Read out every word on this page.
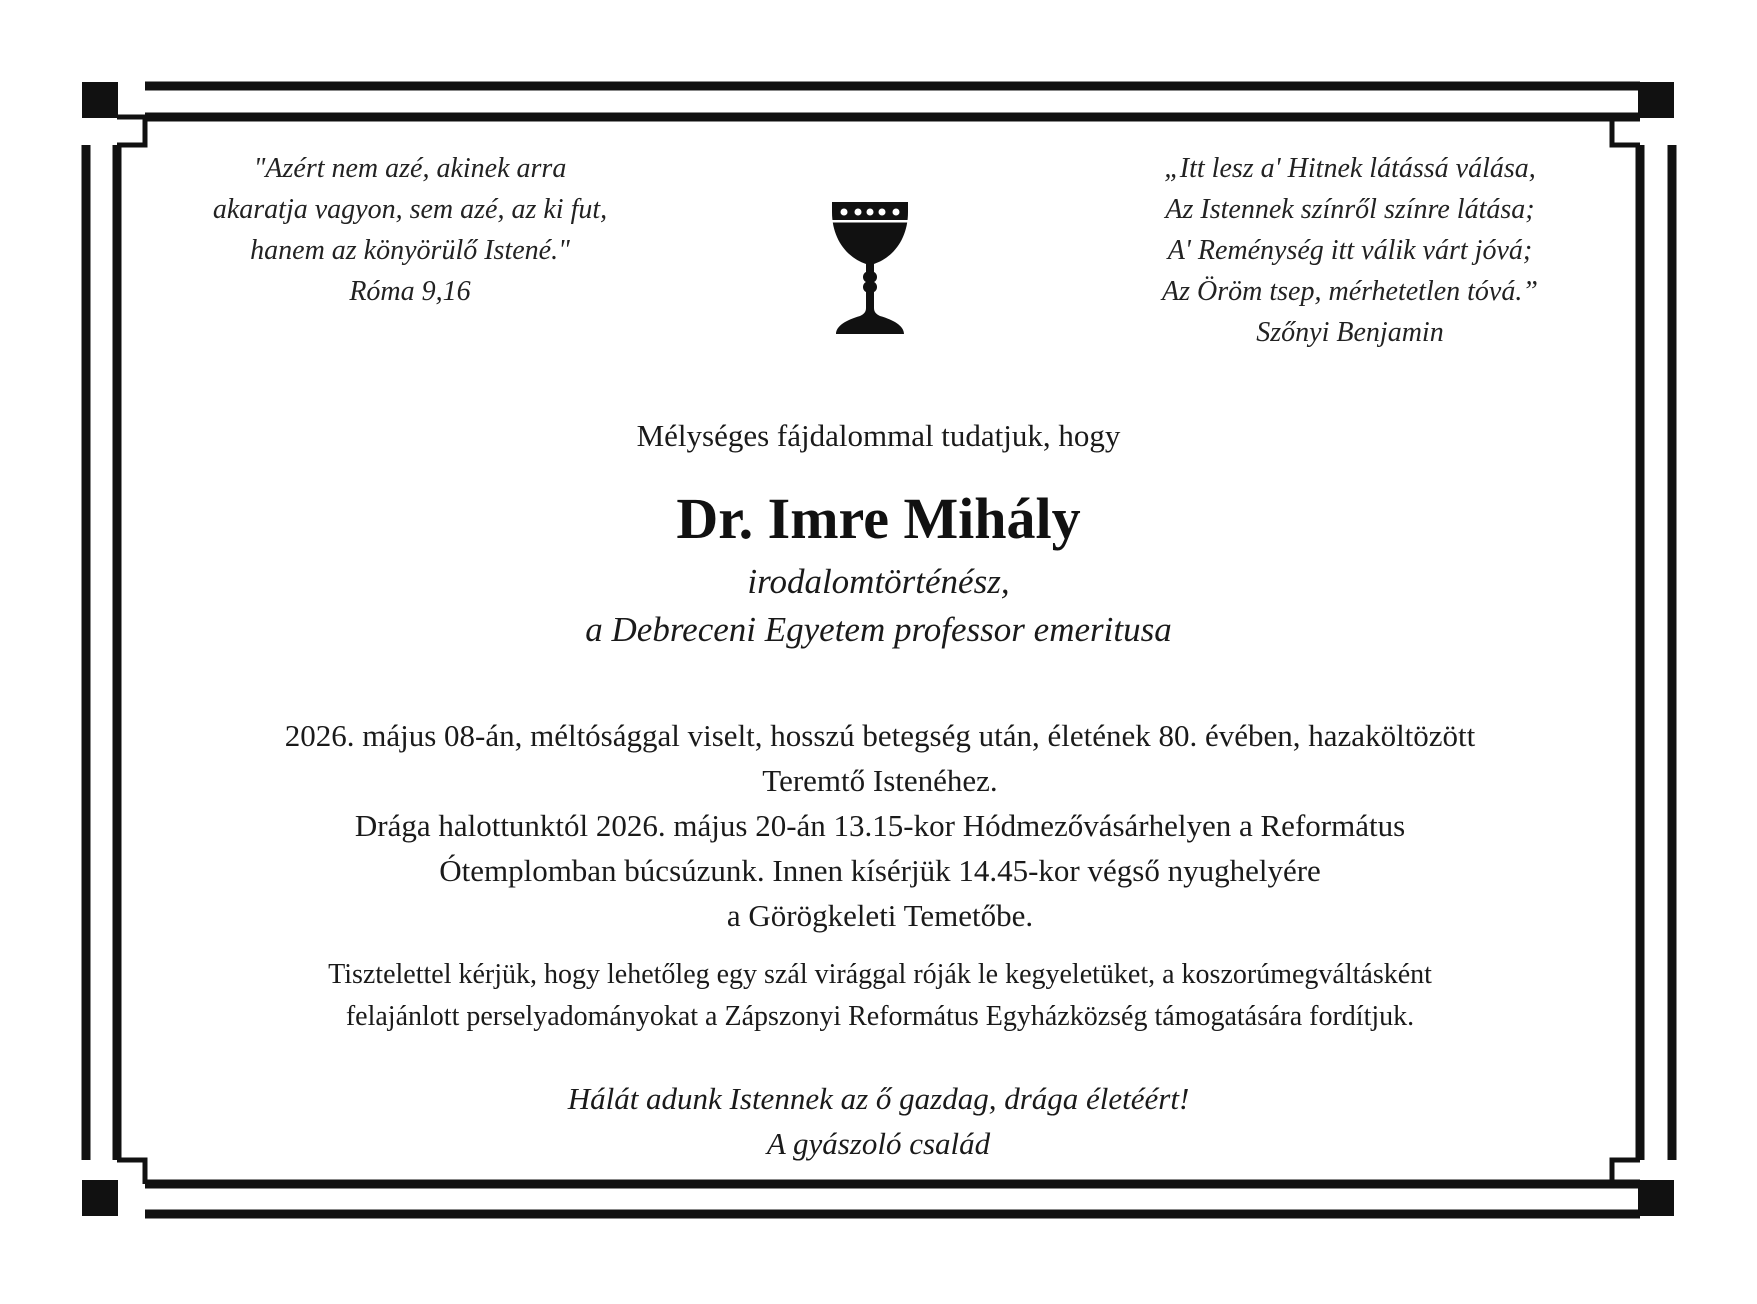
"Azért nem azé, akinek arra
akaratja vagyon, sem azé, az ki fut,
hanem az könyörülő Istené."
Róma 9,16
„Itt lesz a' Hitnek látássá válása,
Az Istennek színről színre látása;
A' Reménység itt válik várt jóvá;
Az Öröm tsep, mérhetetlen tóvá.”
Szőnyi Benjamin
Mélységes fájdalommal tudatjuk, hogy
Dr. Imre Mihály
irodalomtörténész,
a Debreceni Egyetem professor emeritusa
2026. május 08-án, méltósággal viselt, hosszú betegség után, életének 80. évében, hazaköltözött
Teremtő Istenéhez.
Drága halottunktól 2026. május 20-án 13.15-kor Hódmezővásárhelyen a Református
Ótemplomban búcsúzunk. Innen kísérjük 14.45-kor végső nyughelyére
a Görögkeleti Temetőbe.
Tisztelettel kérjük, hogy lehetőleg egy szál virággal róják le kegyeletüket, a koszorúmegváltásként
felajánlott perselyadományokat a Zápszonyi Református Egyházközség támogatására fordítjuk.
Hálát adunk Istennek az ő gazdag, drága életéért!
A gyászoló család
